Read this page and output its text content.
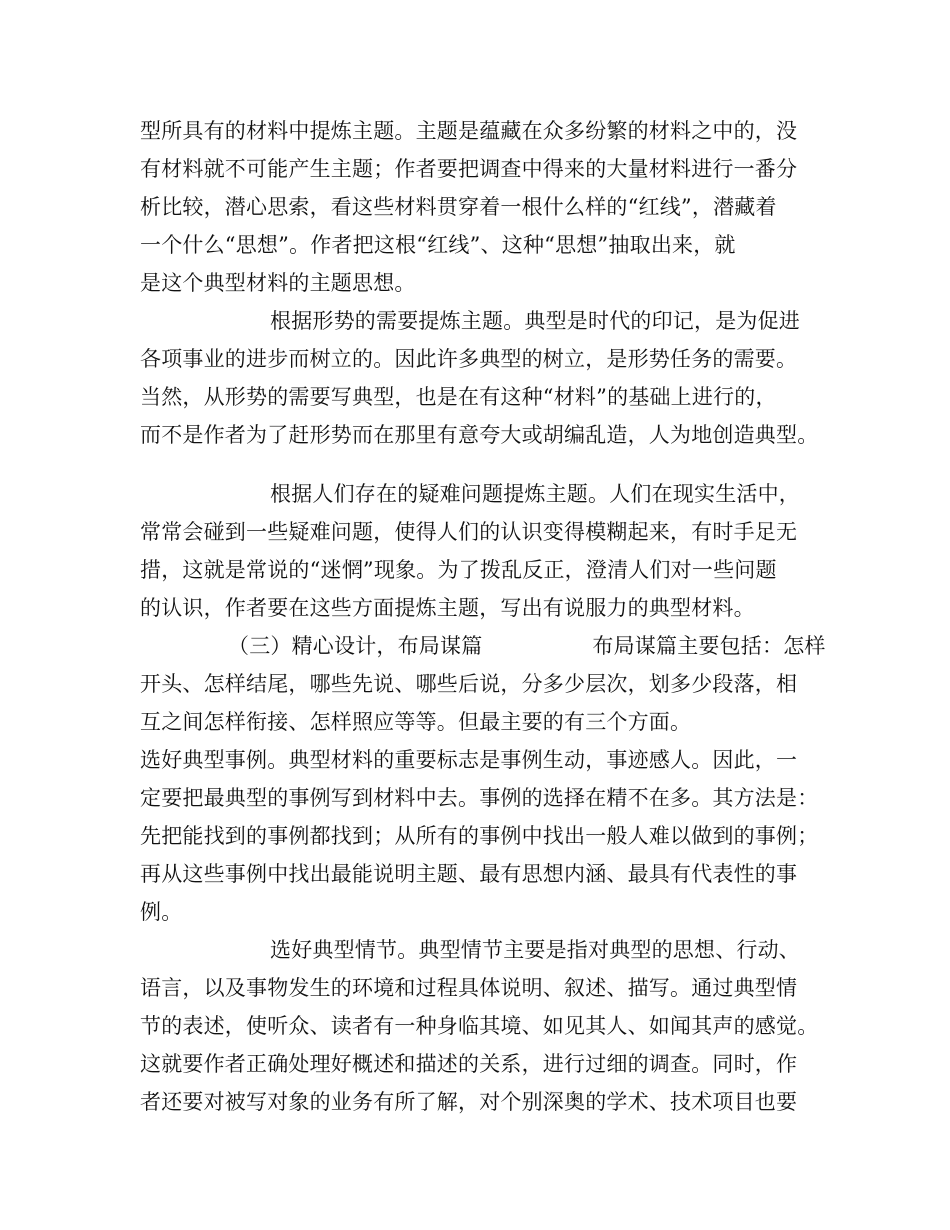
型所具有的材料中提炼主题。主题是蕴藏在众多纷繁的材料之中的，没
有材料就不可能产生主题；作者要把调查中得来的大量材料进行一番分
析比较，潜心思索，看这些材料贯穿着一根什么样的“红线”，潜藏着
一个什么“思想”。作者把这根“红线”、这种“思想”抽取出来，就
是这个典型材料的主题思想。
根据形势的需要提炼主题。典型是时代的印记，是为促进
各项事业的进步而树立的。因此许多典型的树立，是形势任务的需要。
当然，从形势的需要写典型，也是在有这种“材料”的基础上进行的，
而不是作者为了赶形势而在那里有意夸大或胡编乱造，人为地创造典型。
根据人们存在的疑难问题提炼主题。人们在现实生活中，
常常会碰到一些疑难问题，使得人们的认识变得模糊起来，有时手足无
措，这就是常说的“迷惘”现象。为了拨乱反正，澄清人们对一些问题
的认识，作者要在这些方面提炼主题，写出有说服力的典型材料。
（三）精心设计，布局谋篇	布局谋篇主要包括：怎样
开头、怎样结尾，哪些先说、哪些后说，分多少层次，划多少段落，相
互之间怎样衔接、怎样照应等等。但最主要的有三个方面。
选好典型事例。典型材料的重要标志是事例生动，事迹感人。因此，一
定要把最典型的事例写到材料中去。事例的选择在精不在多。其方法是：
先把能找到的事例都找到；从所有的事例中找出一般人难以做到的事例；
再从这些事例中找出最能说明主题、最有思想内涵、最具有代表性的事
例。
选好典型情节。典型情节主要是指对典型的思想、行动、
语言，以及事物发生的环境和过程具体说明、叙述、描写。通过典型情
节的表述，使听众、读者有一种身临其境、如见其人、如闻其声的感觉。
这就要作者正确处理好概述和描述的关系，进行过细的调查。同时，作
者还要对被写对象的业务有所了解，对个别深奥的学术、技术项目也要
